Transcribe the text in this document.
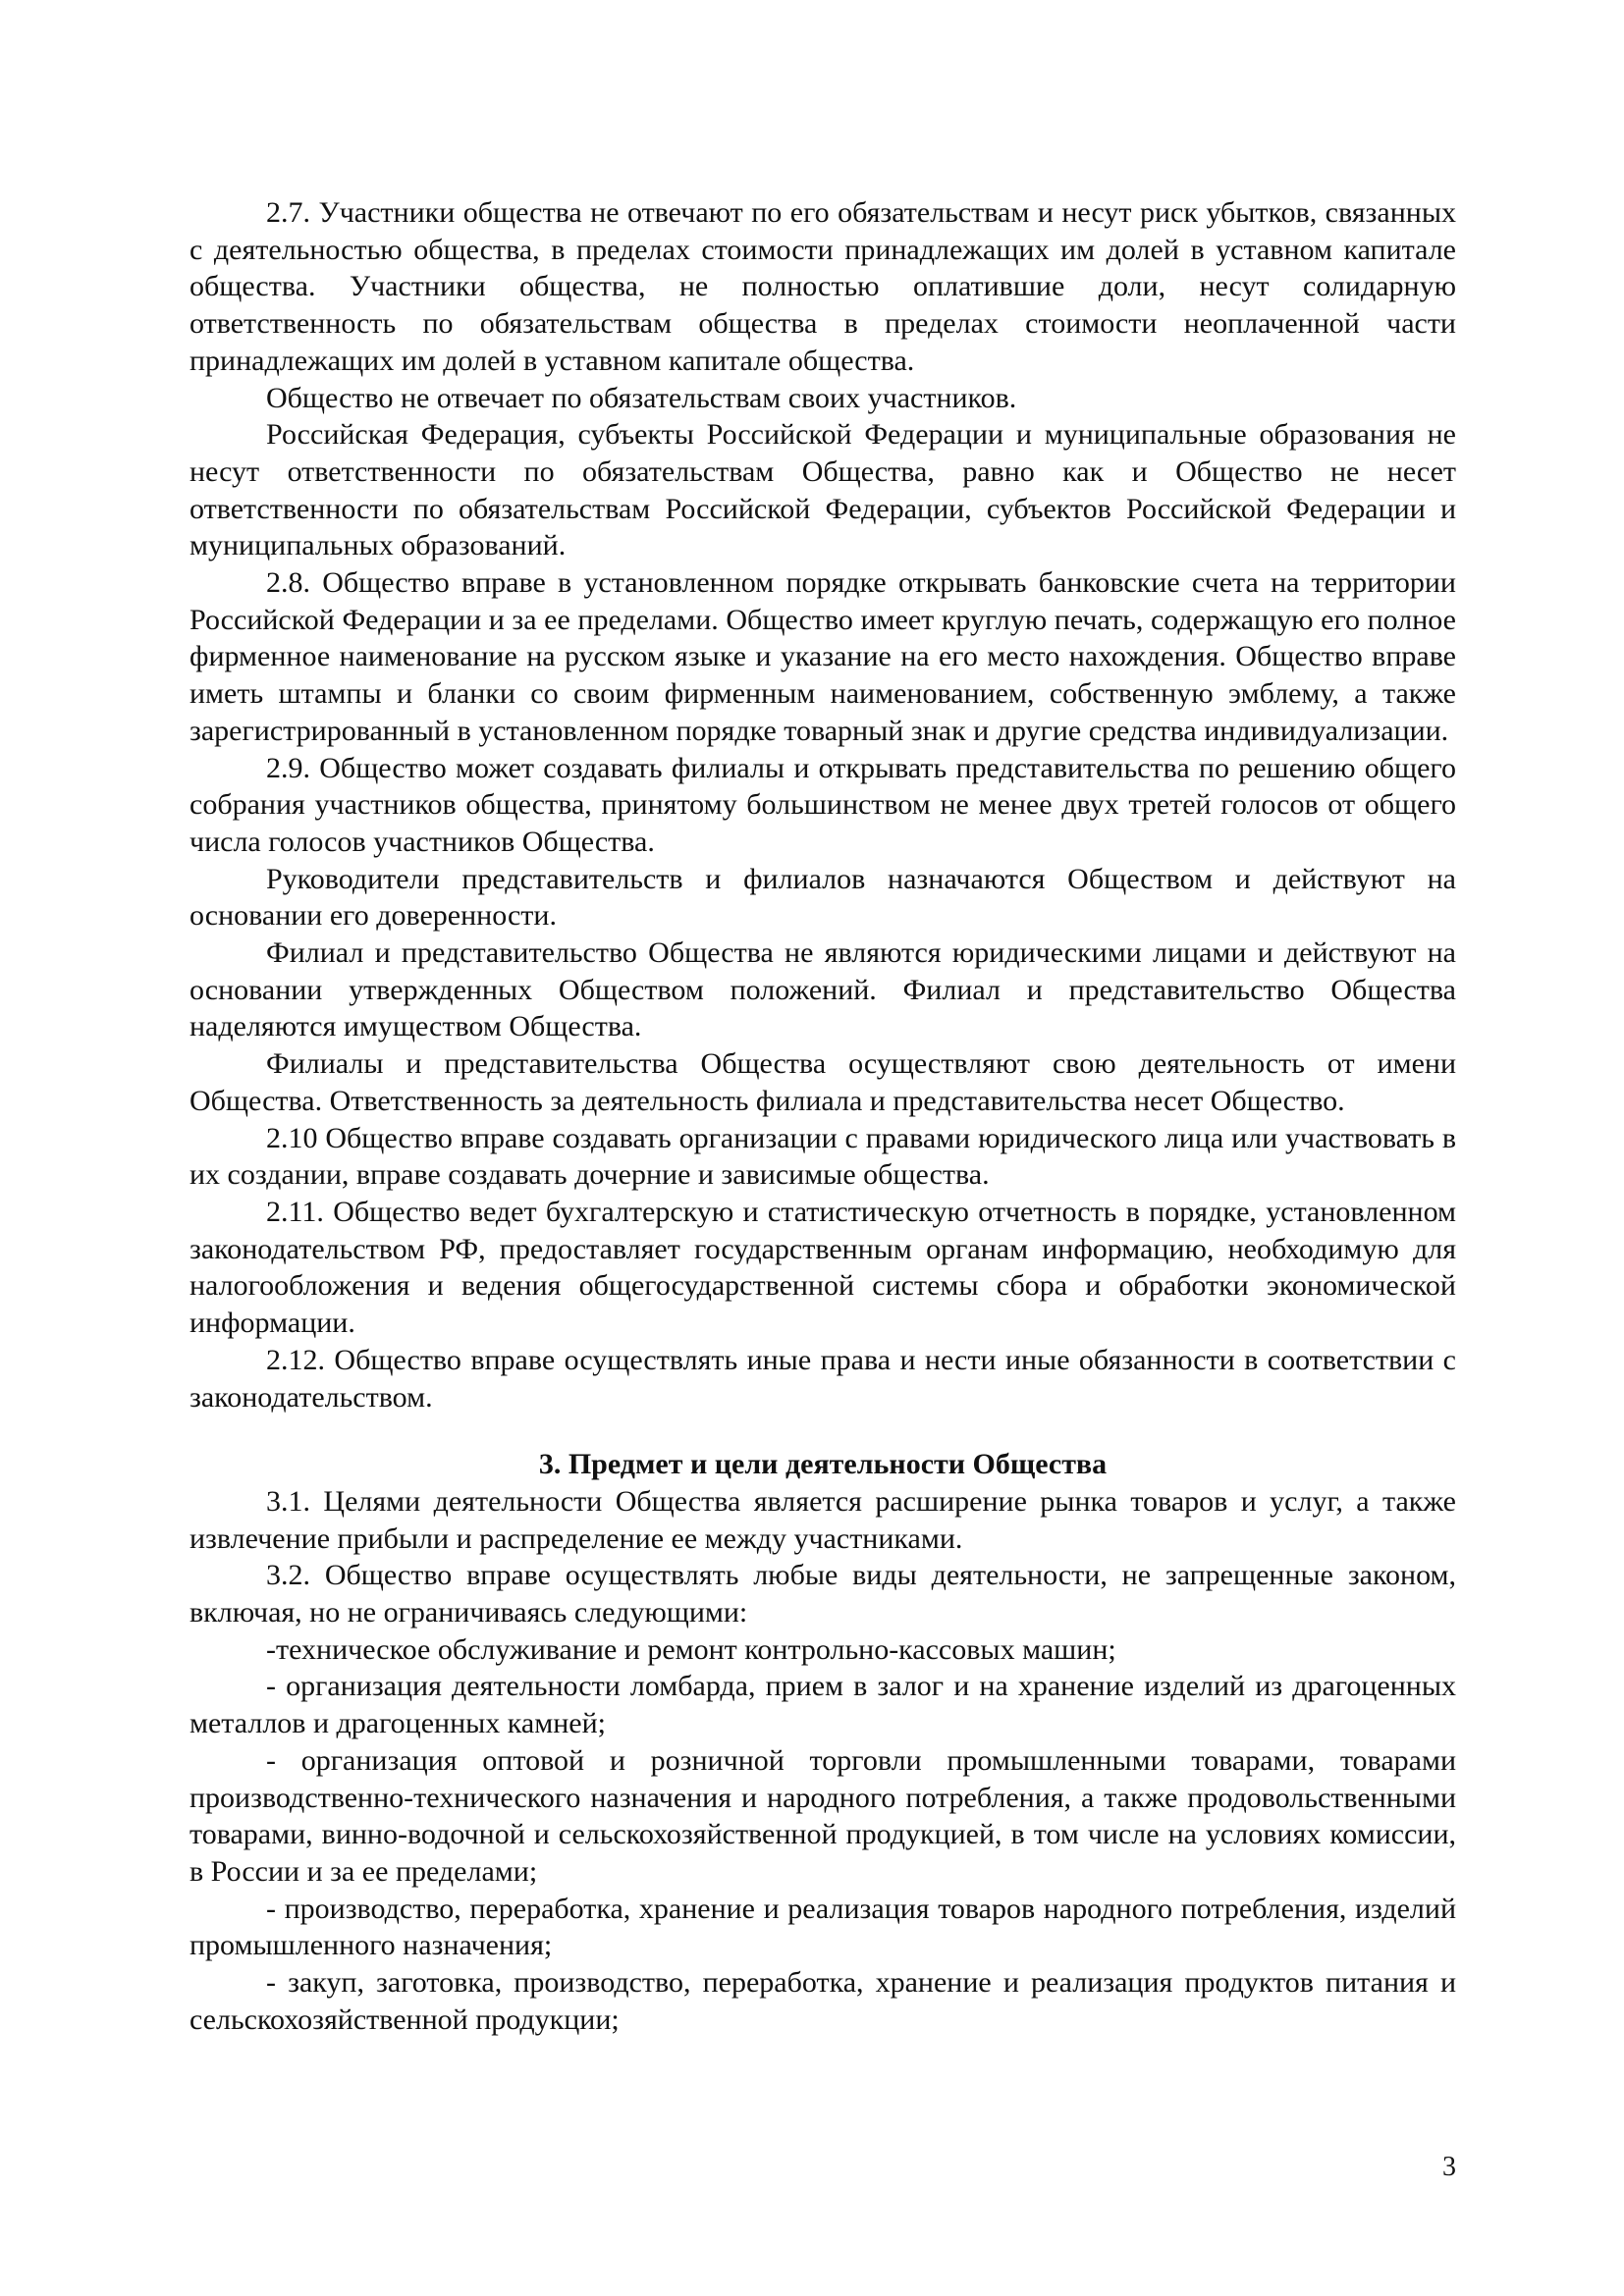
2.7. Участники общества не отвечают по его обязательствам и несут риск убытков, связанных с деятельностью общества, в пределах стоимости принадлежащих им долей в уставном капитале общества. Участники общества, не полностью оплатившие доли, несут солидарную ответственность по обязательствам общества в пределах стоимости неоплаченной части принадлежащих им долей в уставном капитале общества.

Общество не отвечает по обязательствам своих участников.

Российская Федерация, субъекты Российской Федерации и муниципальные образования не несут ответственности по обязательствам Общества, равно как и Общество не несет ответственности по обязательствам Российской Федерации, субъектов Российской Федерации и муниципальных образований.

2.8. Общество вправе в установленном порядке открывать банковские счета на территории Российской Федерации и за ее пределами. Общество имеет круглую печать, содержащую его полное фирменное наименование на русском языке и указание на его место нахождения. Общество вправе иметь штампы и бланки со своим фирменным наименованием, собственную эмблему, а также зарегистрированный в установленном порядке товарный знак и другие средства индивидуализации.

2.9. Общество может создавать филиалы и открывать представительства по решению общего собрания участников общества, принятому большинством не менее двух третей голосов от общего числа голосов участников Общества.

Руководители представительств и филиалов назначаются Обществом и действуют на основании его доверенности.

Филиал и представительство Общества не являются юридическими лицами и действуют на основании утвержденных Обществом положений. Филиал и представительство Общества наделяются имуществом Общества.

Филиалы и представительства Общества осуществляют свою деятельность от имени Общества. Ответственность за деятельность филиала и представительства несет Общество.

2.10 Общество вправе создавать организации с правами юридического лица или участвовать в их создании, вправе создавать дочерние и зависимые общества.

2.11. Общество ведет бухгалтерскую и статистическую отчетность в порядке, установленном законодательством РФ, предоставляет государственным органам информацию, необходимую для налогообложения и ведения общегосударственной системы сбора и обработки экономической информации.

2.12. Общество вправе осуществлять иные права и нести иные обязанности в соответствии с законодательством.

3. Предмет и цели деятельности Общества

3.1. Целями деятельности Общества является расширение рынка товаров и услуг, а также извлечение прибыли и распределение ее между участниками.

3.2. Общество вправе осуществлять любые виды деятельности, не запрещенные законом, включая, но не ограничиваясь следующими:

-техническое обслуживание и ремонт контрольно-кассовых машин;

- организация деятельности ломбарда, прием в залог и на хранение изделий из драгоценных металлов и драгоценных камней;

- организация оптовой и розничной торговли промышленными товарами, товарами производственно-технического назначения и народного потребления, а также продовольственными товарами, винно-водочной и сельскохозяйственной продукцией, в том числе на условиях комиссии, в России и за ее пределами;

- производство, переработка, хранение и реализация товаров народного потребления, изделий промышленного назначения;

- закуп, заготовка, производство, переработка, хранение и реализация продуктов питания и сельскохозяйственной продукции;

3
